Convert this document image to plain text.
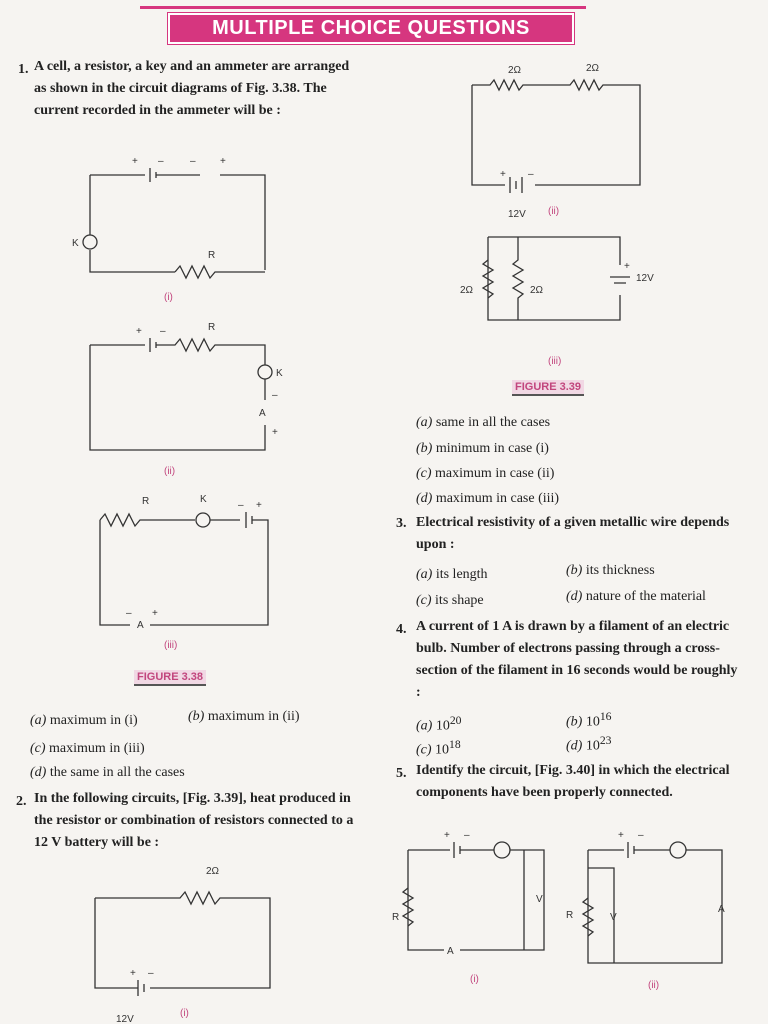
MULTIPLE CHOICE QUESTIONS
1. A cell, a resistor, a key and an ammeter are arranged as shown in the circuit diagrams of Fig. 3.38. The current recorded in the ammeter will be :
+ –	– +
K
R
+ –	R
K
A
–
+
R	K
– +
A
– +
(i)
(ii)
(iii)
FIGURE 3.38
(a) maximum in (i)	(b) maximum in (ii)
(c) maximum in (iii)
(d) the same in all the cases
2. In the following circuits, [Fig. 3.39], heat produced in the resistor or combination of resistors connected to a 12 V battery will be :
2Ω
+ –
12V
(i)
2Ω	2Ω
+ –
12V
2Ω	2Ω
12V
+
(ii)
(iii)
FIGURE 3.39
(a) same in all the cases
(b) minimum in case (i)
(c) maximum in case (ii)
(d) maximum in case (iii)
3. Electrical resistivity of a given metallic wire depends upon :
(a) its length	(b) its thickness
(c) its shape	(d) nature of the material
4. A current of 1 A is drawn by a filament of an electric bulb. Number of electrons passing through a cross-section of the filament in 16 seconds would be roughly :
(a) $10^{20}$	(b) $10^{16}$
(c) $10^{18}$	(d) $10^{23}$
5. Identify the circuit, [Fig. 3.40] in which the electrical components have been properly connected.
R
V
A
+ –
R	V
A
+ –
(i)
(ii)
